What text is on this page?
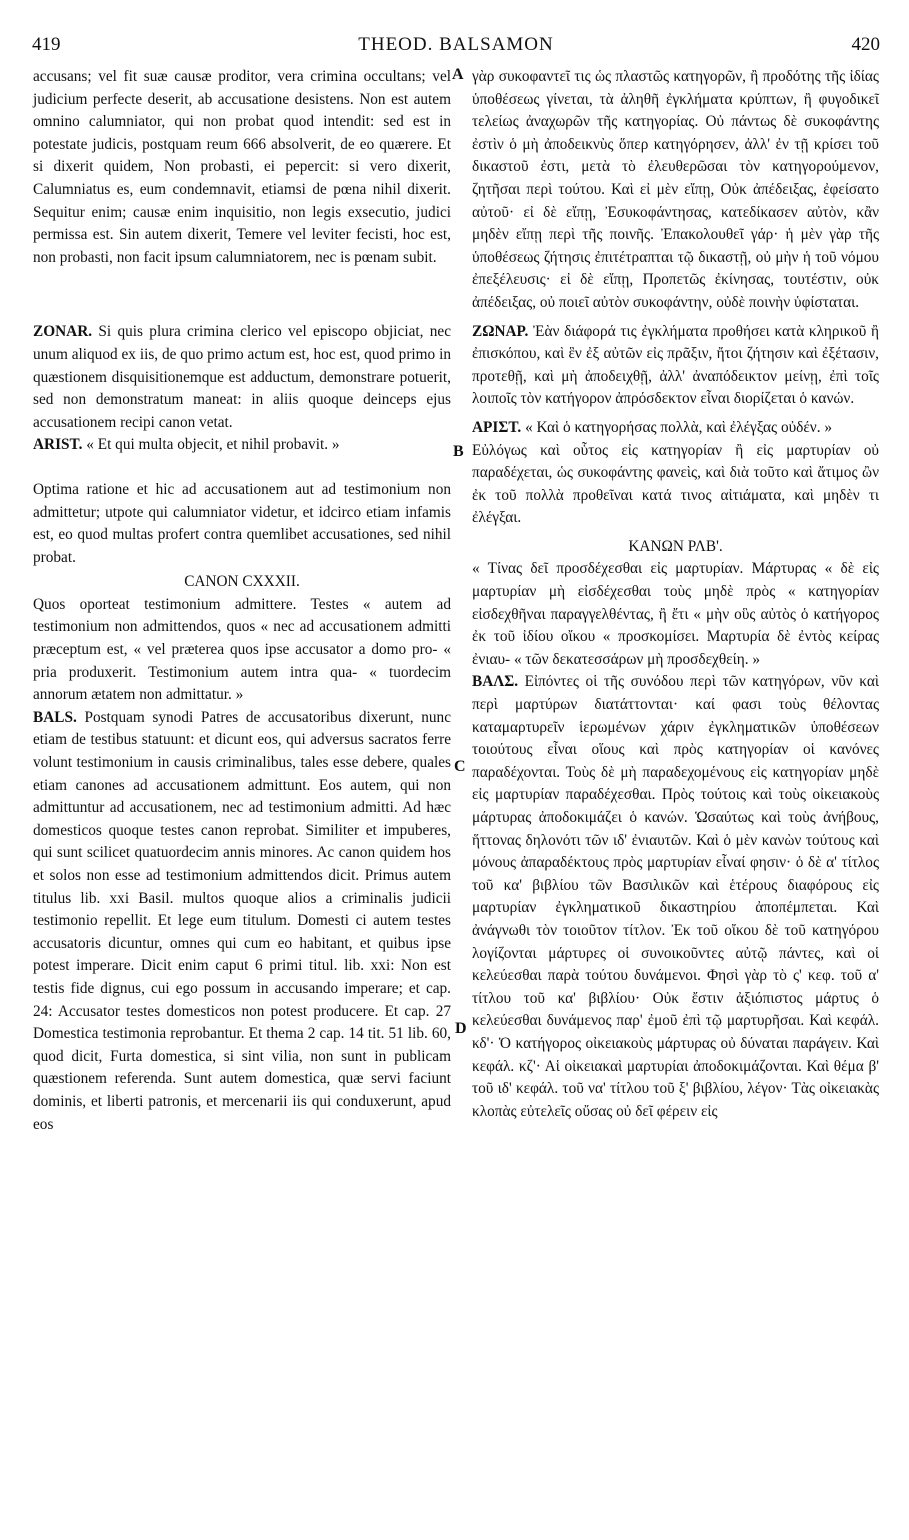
419	THEOD. BALSAMON	420
A
B
C
D

accusans; vel fit suæ causæ proditor, vera crimina occultans; vel judicium perfecte deserit, ab accusatione desistens. Non est autem omnino calumniator, qui non probat quod intendit: sed est in potestate judicis, postquam reum 666 absolverit, de eo quærere. Et si dixerit quidem, Non probasti, ei pepercit: si vero dixerit, Calumniatus es, eum condemnavit, etiamsi de pœna nihil dixerit. Sequitur enim; causæ enim inquisitio, non legis exsecutio, judici permissa est. Sin autem dixerit, Temere vel leviter fecisti, hoc est, non probasti, non facit ipsum calumniatorem, nec is pœnam subit.

ZONAR. Si quis plura crimina clerico vel episcopo objiciat, nec unum aliquod ex iis, de quo primo actum est, hoc est, quod primo in quæstionem disquisitionemque est adductum, demonstrare potuerit, sed non demonstratum maneat: in aliis quoque deinceps ejus accusationem recipi canon vetat.

ARIST. « Et qui multa objecit, et nihil probavit. »

Optima ratione et hic ad accusationem aut ad testimonium non admittetur; utpote qui calumniator videtur, et idcirco etiam infamis est, eo quod multas profert contra quemlibet accusationes, sed nihil probat.

CANON CXXXII.

Quos oporteat testimonium admittere. Testes « autem ad testimonium non admittendos, quos « nec ad accusationem admitti præceptum est, « vel præterea quos ipse accusator a domo pro- « pria produxerit. Testimonium autem intra qua- « tuordecim annorum ætatem non admittatur. »

BALS. Postquam synodi Patres de accusatoribus dixerunt, nunc etiam de testibus statuunt: et dicunt eos, qui adversus sacratos ferre volunt testimonium in causis criminalibus, tales esse debere, quales etiam canones ad accusationem admittunt. Eos autem, qui non admittuntur ad accusationem, nec ad testimonium admitti. Ad hæc domesticos quoque testes canon reprobat. Similiter et impuberes, qui sunt scilicet quatuordecim annis minores. Ac canon quidem hos et solos non esse ad testimonium admittendos dicit. Primus autem titulus lib. xxi Basil. multos quoque alios a criminalis judicii testimonio repellit. Et lege eum titulum. Domesti ci autem testes accusatoris dicuntur, omnes qui cum eo habitant, et quibus ipse potest imperare. Dicit enim caput 6 primi titul. lib. xxi: Non est testis fide dignus, cui ego possum in accusando imperare; et cap. 24: Accusator testes domesticos non potest producere. Et cap. 27 Domestica testimonia reprobantur. Et thema 2 cap. 14 tit. 51 lib. 60, quod dicit, Furta domestica, si sint vilia, non sunt in publicam quæstionem referenda. Sunt autem domestica, quæ servi faciunt dominis, et liberti patronis, et mercenarii iis qui conduxerunt, apud eos

γὰρ συκοφαντεῖ τις ὡς πλαστῶς κατηγορῶν, ἢ προδότης τῆς ἰδίας ὑποθέσεως γίνεται, τὰ ἀληθῆ ἐγκλήματα κρύπτων, ἢ φυγοδικεῖ τελείως ἀναχωρῶν τῆς κατηγορίας. Οὐ πάντως δὲ συκοφάντης ἐστὶν ὁ μὴ ἀποδεικνὺς ὅπερ κατηγόρησεν, ἀλλ' ἐν τῇ κρίσει τοῦ δικαστοῦ ἐστι, μετὰ τὸ ἐλευθερῶσαι τὸν κατηγορούμενον, ζητῆσαι περὶ τούτου. Καὶ εἰ μὲν εἴπῃ, Οὐκ ἀπέδειξας, ἐφείσατο αὐτοῦ· εἰ δὲ εἴπῃ, Ἐσυκοφάντησας, κατεδίκασεν αὐτὸν, κἂν μηδὲν εἴπῃ περὶ τῆς ποινῆς. Ἐπακολουθεῖ γάρ· ἡ μὲν γὰρ τῆς ὑποθέσεως ζήτησις ἐπιτέτραπται τῷ δικαστῇ, οὐ μὴν ἡ τοῦ νόμου ἐπεξέλευσις· εἰ δὲ εἴπῃ, Προπετῶς ἐκίνησας, τουτέστιν, οὐκ ἀπέδειξας, οὐ ποιεῖ αὐτὸν συκοφάντην, οὐδὲ ποινὴν ὑφίσταται.

ΖΩΝΑΡ. Ἐὰν διάφορά τις ἐγκλήματα προθήσει κατὰ κληρικοῦ ἢ ἐπισκόπου, καὶ ἓν ἐξ αὐτῶν εἰς πρᾶξιν, ἤτοι ζήτησιν καὶ ἐξέτασιν, προτεθῇ, καὶ μὴ ἀποδειχθῇ, ἀλλ' ἀναπόδεικτον μείνῃ, ἐπὶ τοῖς λοιποῖς τὸν κατήγορον ἀπρόσδεκτον εἶναι διορίζεται ὁ κανών.

ΑΡΙΣΤ. « Καὶ ὁ κατηγορήσας πολλὰ, καὶ ἐλέγξας οὐδέν. »

Εὐλόγως καὶ οὗτος εἰς κατηγορίαν ἢ εἰς μαρτυρίαν οὐ παραδέχεται, ὡς συκοφάντης φανεὶς, καὶ διὰ τοῦτο καὶ ἄτιμος ὢν ἐκ τοῦ πολλὰ προθεῖναι κατά τινος αἰτιάματα, καὶ μηδὲν τι ἐλέγξαι.

ΚΑΝΩΝ ΡΛΒ'.

« Τίνας δεῖ προσδέχεσθαι εἰς μαρτυρίαν. Μάρτυρας « δὲ εἰς μαρτυρίαν μὴ εἰσδέχεσθαι τοὺς μηδὲ πρὸς « κατηγορίαν εἰσδεχθῆναι παραγγελθέντας, ἢ ἔτι « μὴν οὓς αὐτὸς ὁ κατήγορος ἐκ τοῦ ἰδίου οἴκου « προσκομίσει. Μαρτυρία δὲ ἐντὸς κείρας ἐνιαυ- « τῶν δεκατεσσάρων μὴ προσδεχθείη. »

ΒΑΛΣ. Εἰπόντες οἱ τῆς συνόδου περὶ τῶν κατηγόρων, νῦν καὶ περὶ μαρτύρων διατάττονται· καί φασι τοὺς θέλοντας καταμαρτυρεῖν ἱερωμένων χάριν ἐγκληματικῶν ὑποθέσεων τοιούτους εἶναι οἵους καὶ πρὸς κατηγορίαν οἱ κανόνες παραδέχονται. Τοὺς δὲ μὴ παραδεχομένους εἰς κατηγορίαν μηδὲ εἰς μαρτυρίαν παραδέχεσθαι. Πρὸς τούτοις καὶ τοὺς οἰκειακοὺς μάρτυρας ἀποδοκιμάζει ὁ κανών. Ὡσαύτως καὶ τοὺς ἀνήβους, ἥττονας δηλονότι τῶν ιδ' ἐνιαυτῶν. Καὶ ὁ μὲν κανὼν τούτους καὶ μόνους ἀπαραδέκτους πρὸς μαρτυρίαν εἶναί φησιν· ὁ δὲ α' τίτλος τοῦ κα' βιβλίου τῶν Βασιλικῶν καὶ ἑτέρους διαφόρους εἰς μαρτυρίαν ἐγκληματικοῦ δικαστηρίου ἀποπέμπεται. Καὶ ἀνάγνωθι τὸν τοιοῦτον τίτλον. Ἐκ τοῦ οἴκου δὲ τοῦ κατηγόρου λογίζονται μάρτυρες οἱ συνοικοῦντες αὐτῷ πάντες, καὶ οἱ κελεύεσθαι παρὰ τούτου δυνάμενοι. Φησὶ γὰρ τὸ ς' κεφ. τοῦ α' τίτλου τοῦ κα' βιβλίου· Οὐκ ἔστιν ἀξιόπιστος μάρτυς ὁ κελεύεσθαι δυνάμενος παρ' ἐμοῦ ἐπὶ τῷ μαρτυρῆσαι. Καὶ κεφάλ. κδ'· Ὁ κατήγορος οἰκειακοὺς μάρτυρας οὐ δύναται παράγειν. Καὶ κεφάλ. κζ'· Αἱ οἰκειακαὶ μαρτυρίαι ἀποδοκιμάζονται. Καὶ θέμα β' τοῦ ιδ' κεφάλ. τοῦ να' τίτλου τοῦ ξ' βιβλίου, λέγον· Τὰς οἰκειακὰς κλοπὰς εὐτελεῖς οὔσας οὐ δεῖ φέρειν εἰς
